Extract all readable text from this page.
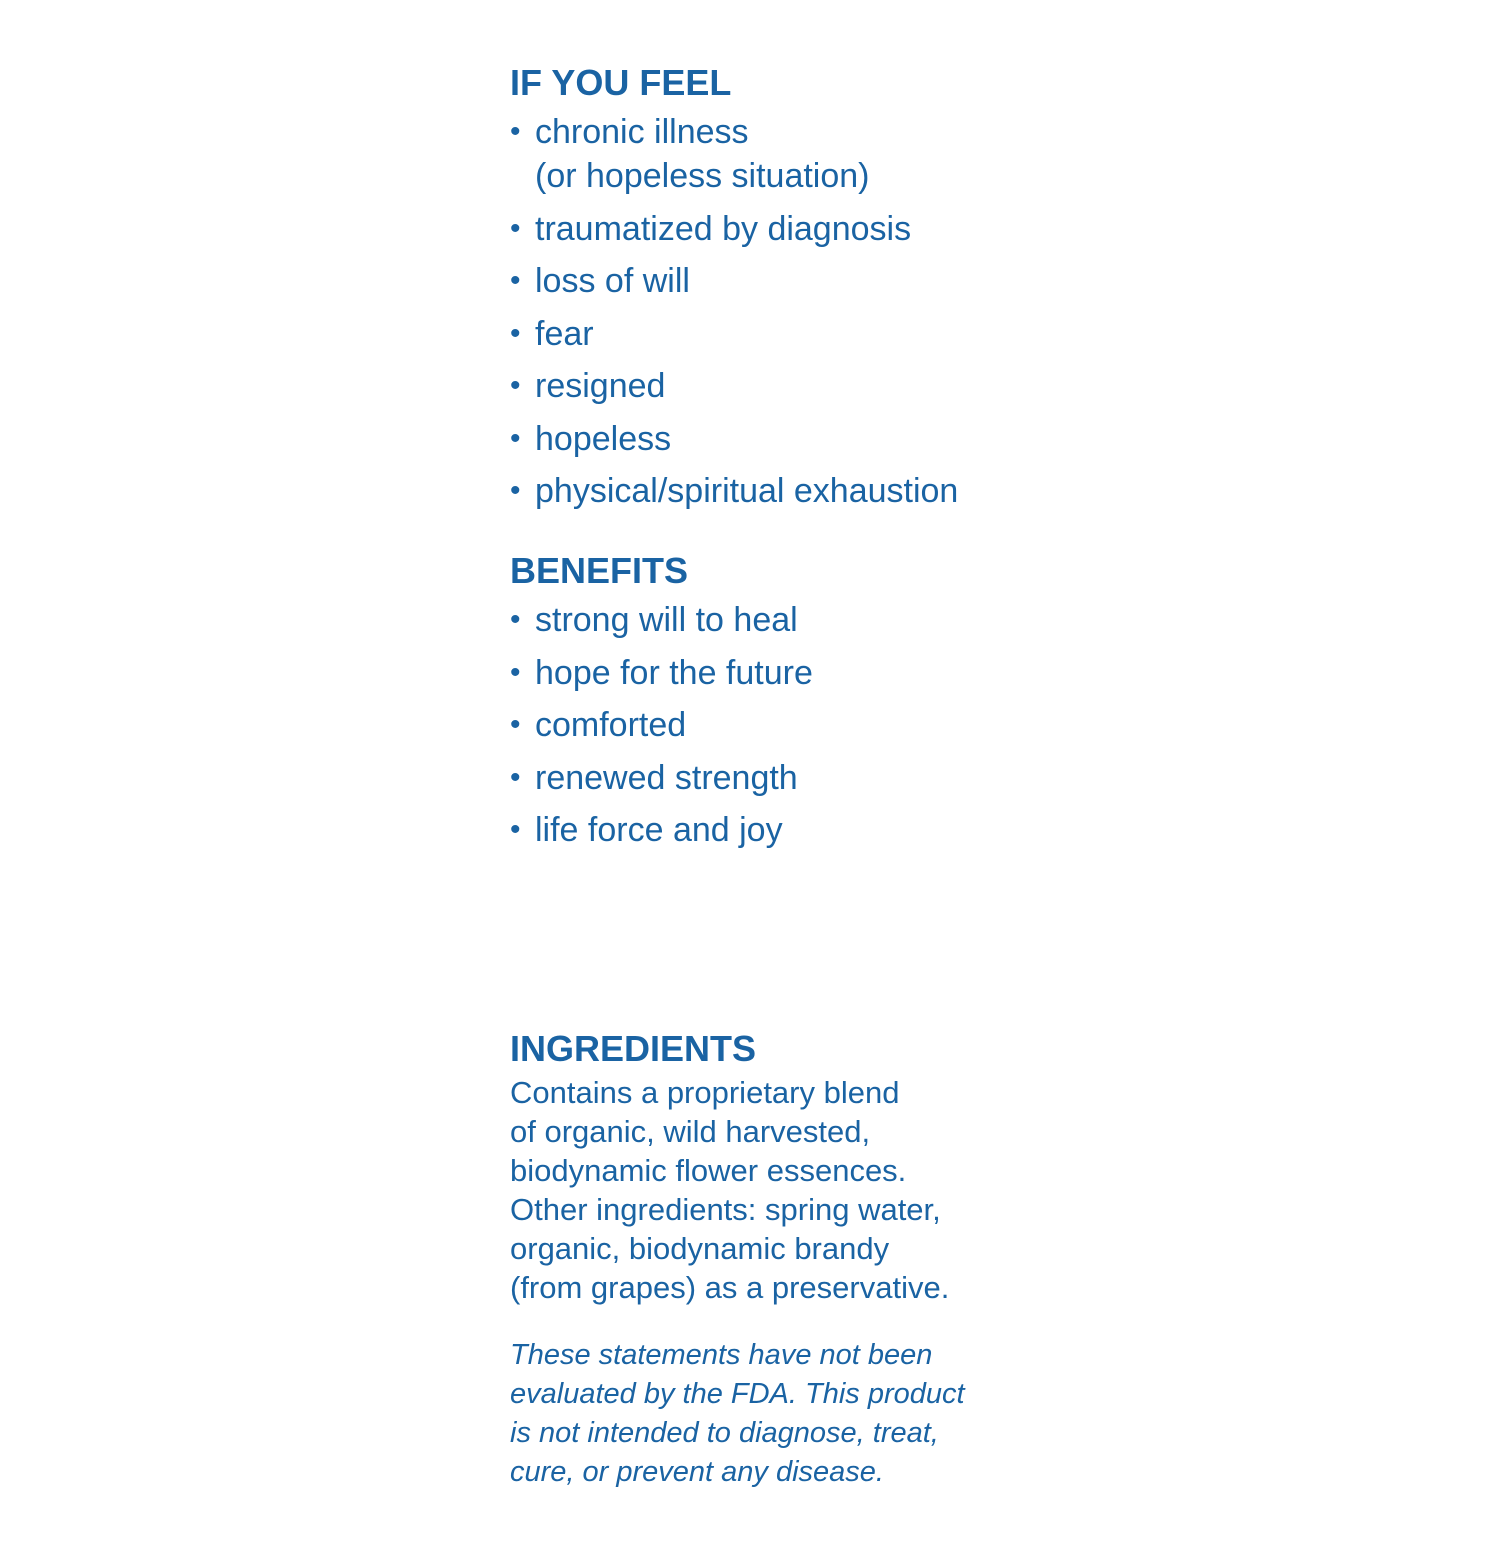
IF YOU FEEL
• chronic illness
(or hopeless situation)
• traumatized by diagnosis
• loss of will
• fear
• resigned
• hopeless
• physical/spiritual exhaustion
BENEFITS
• strong will to heal
• hope for the future
• comforted
• renewed strength
• life force and joy
INGREDIENTS

Contains a proprietary blend

of organic, wild harvested,

biodynamic flower essences.

Other ingredients: spring water,

organic, biodynamic brandy

(from grapes) as a preservative.

These statements have not been

evaluated by the FDA. This product

is not intended to diagnose, treat,

cure, or prevent any disease.
